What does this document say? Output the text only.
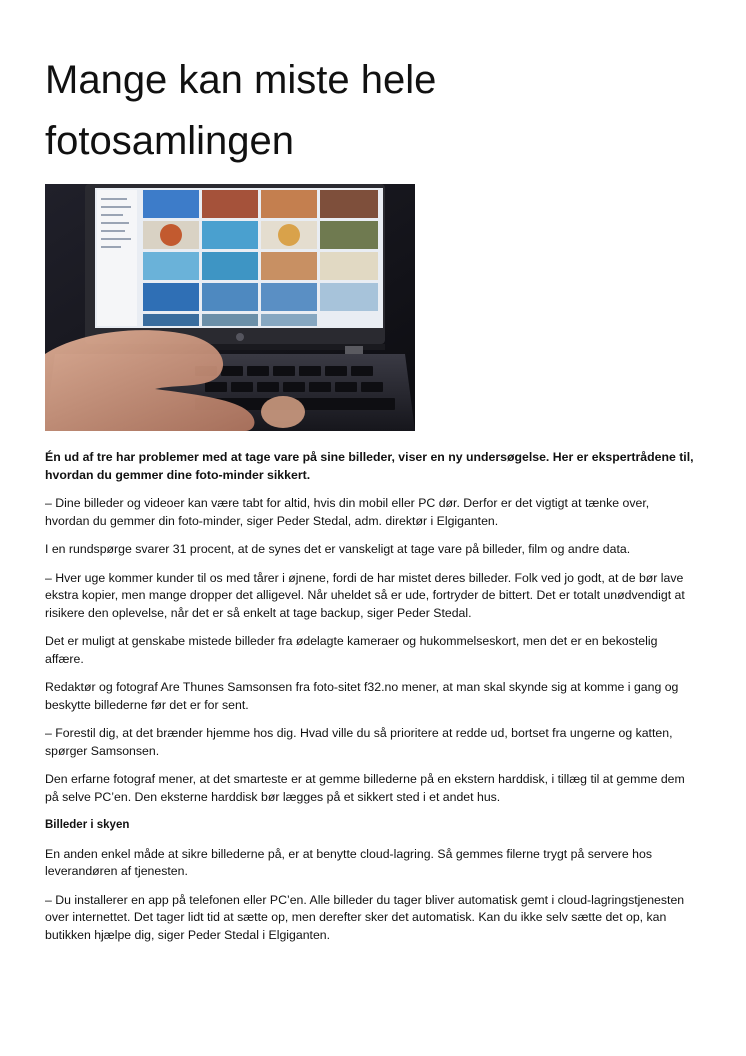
Mange kan miste hele fotosamlingen

Én ud af tre har problemer med at tage vare på sine billeder, viser en ny undersøgelse. Her er ekspertrådene til, hvordan du gemmer dine foto-minder sikkert.

– Dine billeder og videoer kan være tabt for altid, hvis din mobil eller PC dør. Derfor er det vigtigt at tænke over, hvordan du gemmer din foto-minder, siger Peder Stedal, adm. direktør i Elgiganten.

I en rundspørge svarer 31 procent, at de synes det er vanskeligt at tage vare på billeder, film og andre data.

– Hver uge kommer kunder til os med tårer i øjnene, fordi de har mistet deres billeder. Folk ved jo godt, at de bør lave ekstra kopier, men mange dropper det alligevel. Når uheldet så er ude, fortryder de bittert. Det er totalt unødvendigt at risikere den oplevelse, når det er så enkelt at tage backup, siger Peder Stedal.

Det er muligt at genskabe mistede billeder fra ødelagte kameraer og hukommelseskort, men det er en bekostelig affære.

Redaktør og fotograf Are Thunes Samsonsen fra foto-sitet f32.no mener, at man skal skynde sig at komme i gang og beskytte billederne før det er for sent.

– Forestil dig, at det brænder hjemme hos dig. Hvad ville du så prioritere at redde ud, bortset fra ungerne og katten, spørger Samsonsen.

Den erfarne fotograf mener, at det smarteste er at gemme billederne på en ekstern harddisk, i tillæg til at gemme dem på selve PC’en. Den eksterne harddisk bør lægges på et sikkert sted i et andet hus.

Billeder i skyen

En anden enkel måde at sikre billederne på, er at benytte cloud-lagring. Så gemmes filerne trygt på servere hos leverandøren af tjenesten.

– Du installerer en app på telefonen eller PC’en. Alle billeder du tager bliver automatisk gemt i cloud-lagringstjenesten over internettet. Det tager lidt tid at sætte op, men derefter sker det automatisk. Kan du ikke selv sætte det op, kan butikken hjælpe dig, siger Peder Stedal i Elgiganten.
